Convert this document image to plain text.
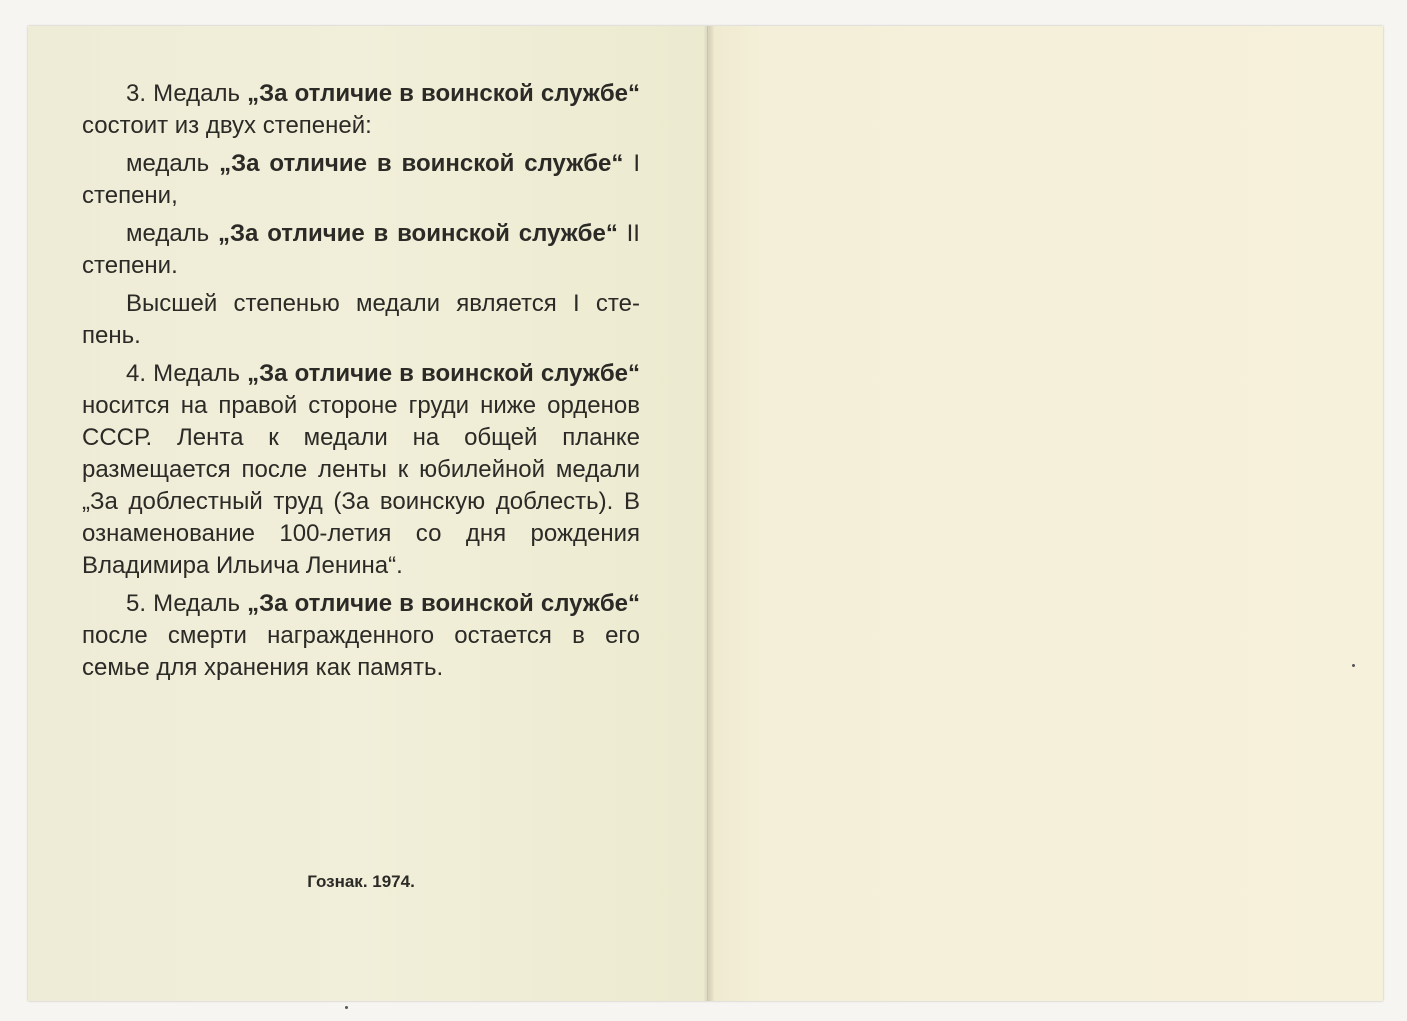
3. Медаль „За отличие в воинской службе“ состоит из двух степеней:

медаль „За отличие в воинской службе“ I степени,

медаль „За отличие в воинской службе“ II степени.

Высшей степенью медали является I степень.

4. Медаль „За отличие в воинской службе“ носится на правой стороне груди ниже орденов СССР. Лента к медали на общей планке размещается после ленты к юбилейной медали „За доблестный труд (За воинскую доблесть). В ознаменование 100-летия со дня рождения Владимира Ильича Ленина“.

5. Медаль „За отличие в воинской службе“ после смерти награжденного остается в его семье для хранения как память.

Гознак. 1974.
